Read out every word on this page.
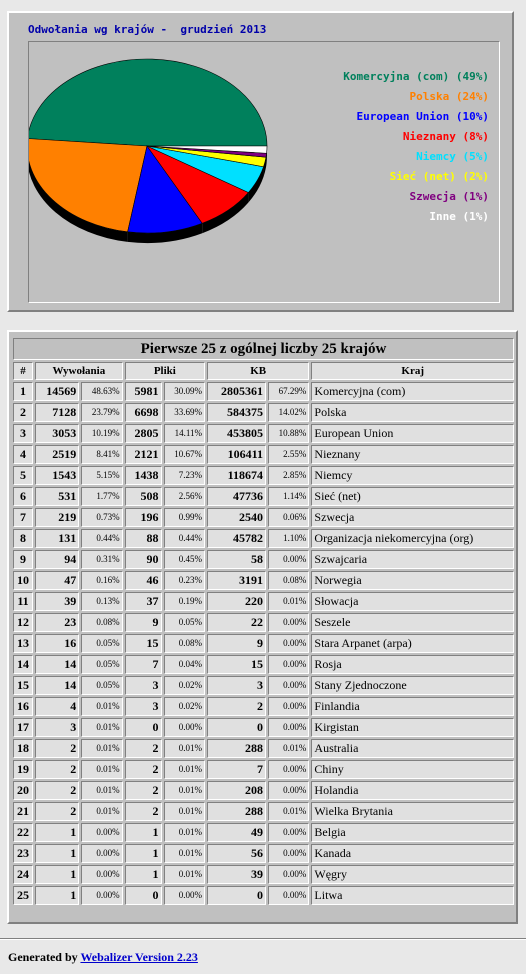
Odwołania wg krajów -  grudzień 2013
Komercyjna (com) (49%)
Polska (24%)
European Union (10%)
Nieznany (8%)
Niemcy (5%)
Sieć (net) (2%)
Szwecja (1%)
Inne (1%)
Pierwsze 25 z ogólnej liczby 25 krajów							
#	Wywołania		Pliki		KB		Kraj
1	14569	48.63%	5981	30.09%	2805361	67.29%	Komercyjna (com)
2	7128	23.79%	6698	33.69%	584375	14.02%	Polska
3	3053	10.19%	2805	14.11%	453805	10.88%	European Union
4	2519	8.41%	2121	10.67%	106411	2.55%	Nieznany
5	1543	5.15%	1438	7.23%	118674	2.85%	Niemcy
6	531	1.77%	508	2.56%	47736	1.14%	Sieć (net)
7	219	0.73%	196	0.99%	2540	0.06%	Szwecja
8	131	0.44%	88	0.44%	45782	1.10%	Organizacja niekomercyjna (org)
9	94	0.31%	90	0.45%	58	0.00%	Szwajcaria
10	47	0.16%	46	0.23%	3191	0.08%	Norwegia
11	39	0.13%	37	0.19%	220	0.01%	Słowacja
12	23	0.08%	9	0.05%	22	0.00%	Seszele
13	16	0.05%	15	0.08%	9	0.00%	Stara Arpanet (arpa)
14	14	0.05%	7	0.04%	15	0.00%	Rosja
15	14	0.05%	3	0.02%	3	0.00%	Stany Zjednoczone
16	4	0.01%	3	0.02%	2	0.00%	Finlandia
17	3	0.01%	0	0.00%	0	0.00%	Kirgistan
18	2	0.01%	2	0.01%	288	0.01%	Australia
19	2	0.01%	2	0.01%	7	0.00%	Chiny
20	2	0.01%	2	0.01%	208	0.00%	Holandia
21	2	0.01%	2	0.01%	288	0.01%	Wielka Brytania
22	1	0.00%	1	0.01%	49	0.00%	Belgia
23	1	0.00%	1	0.01%	56	0.00%	Kanada
24	1	0.00%	1	0.01%	39	0.00%	Węgry
25	1	0.00%	0	0.00%	0	0.00%	Litwa
Generated by Webalizer Version 2.23
